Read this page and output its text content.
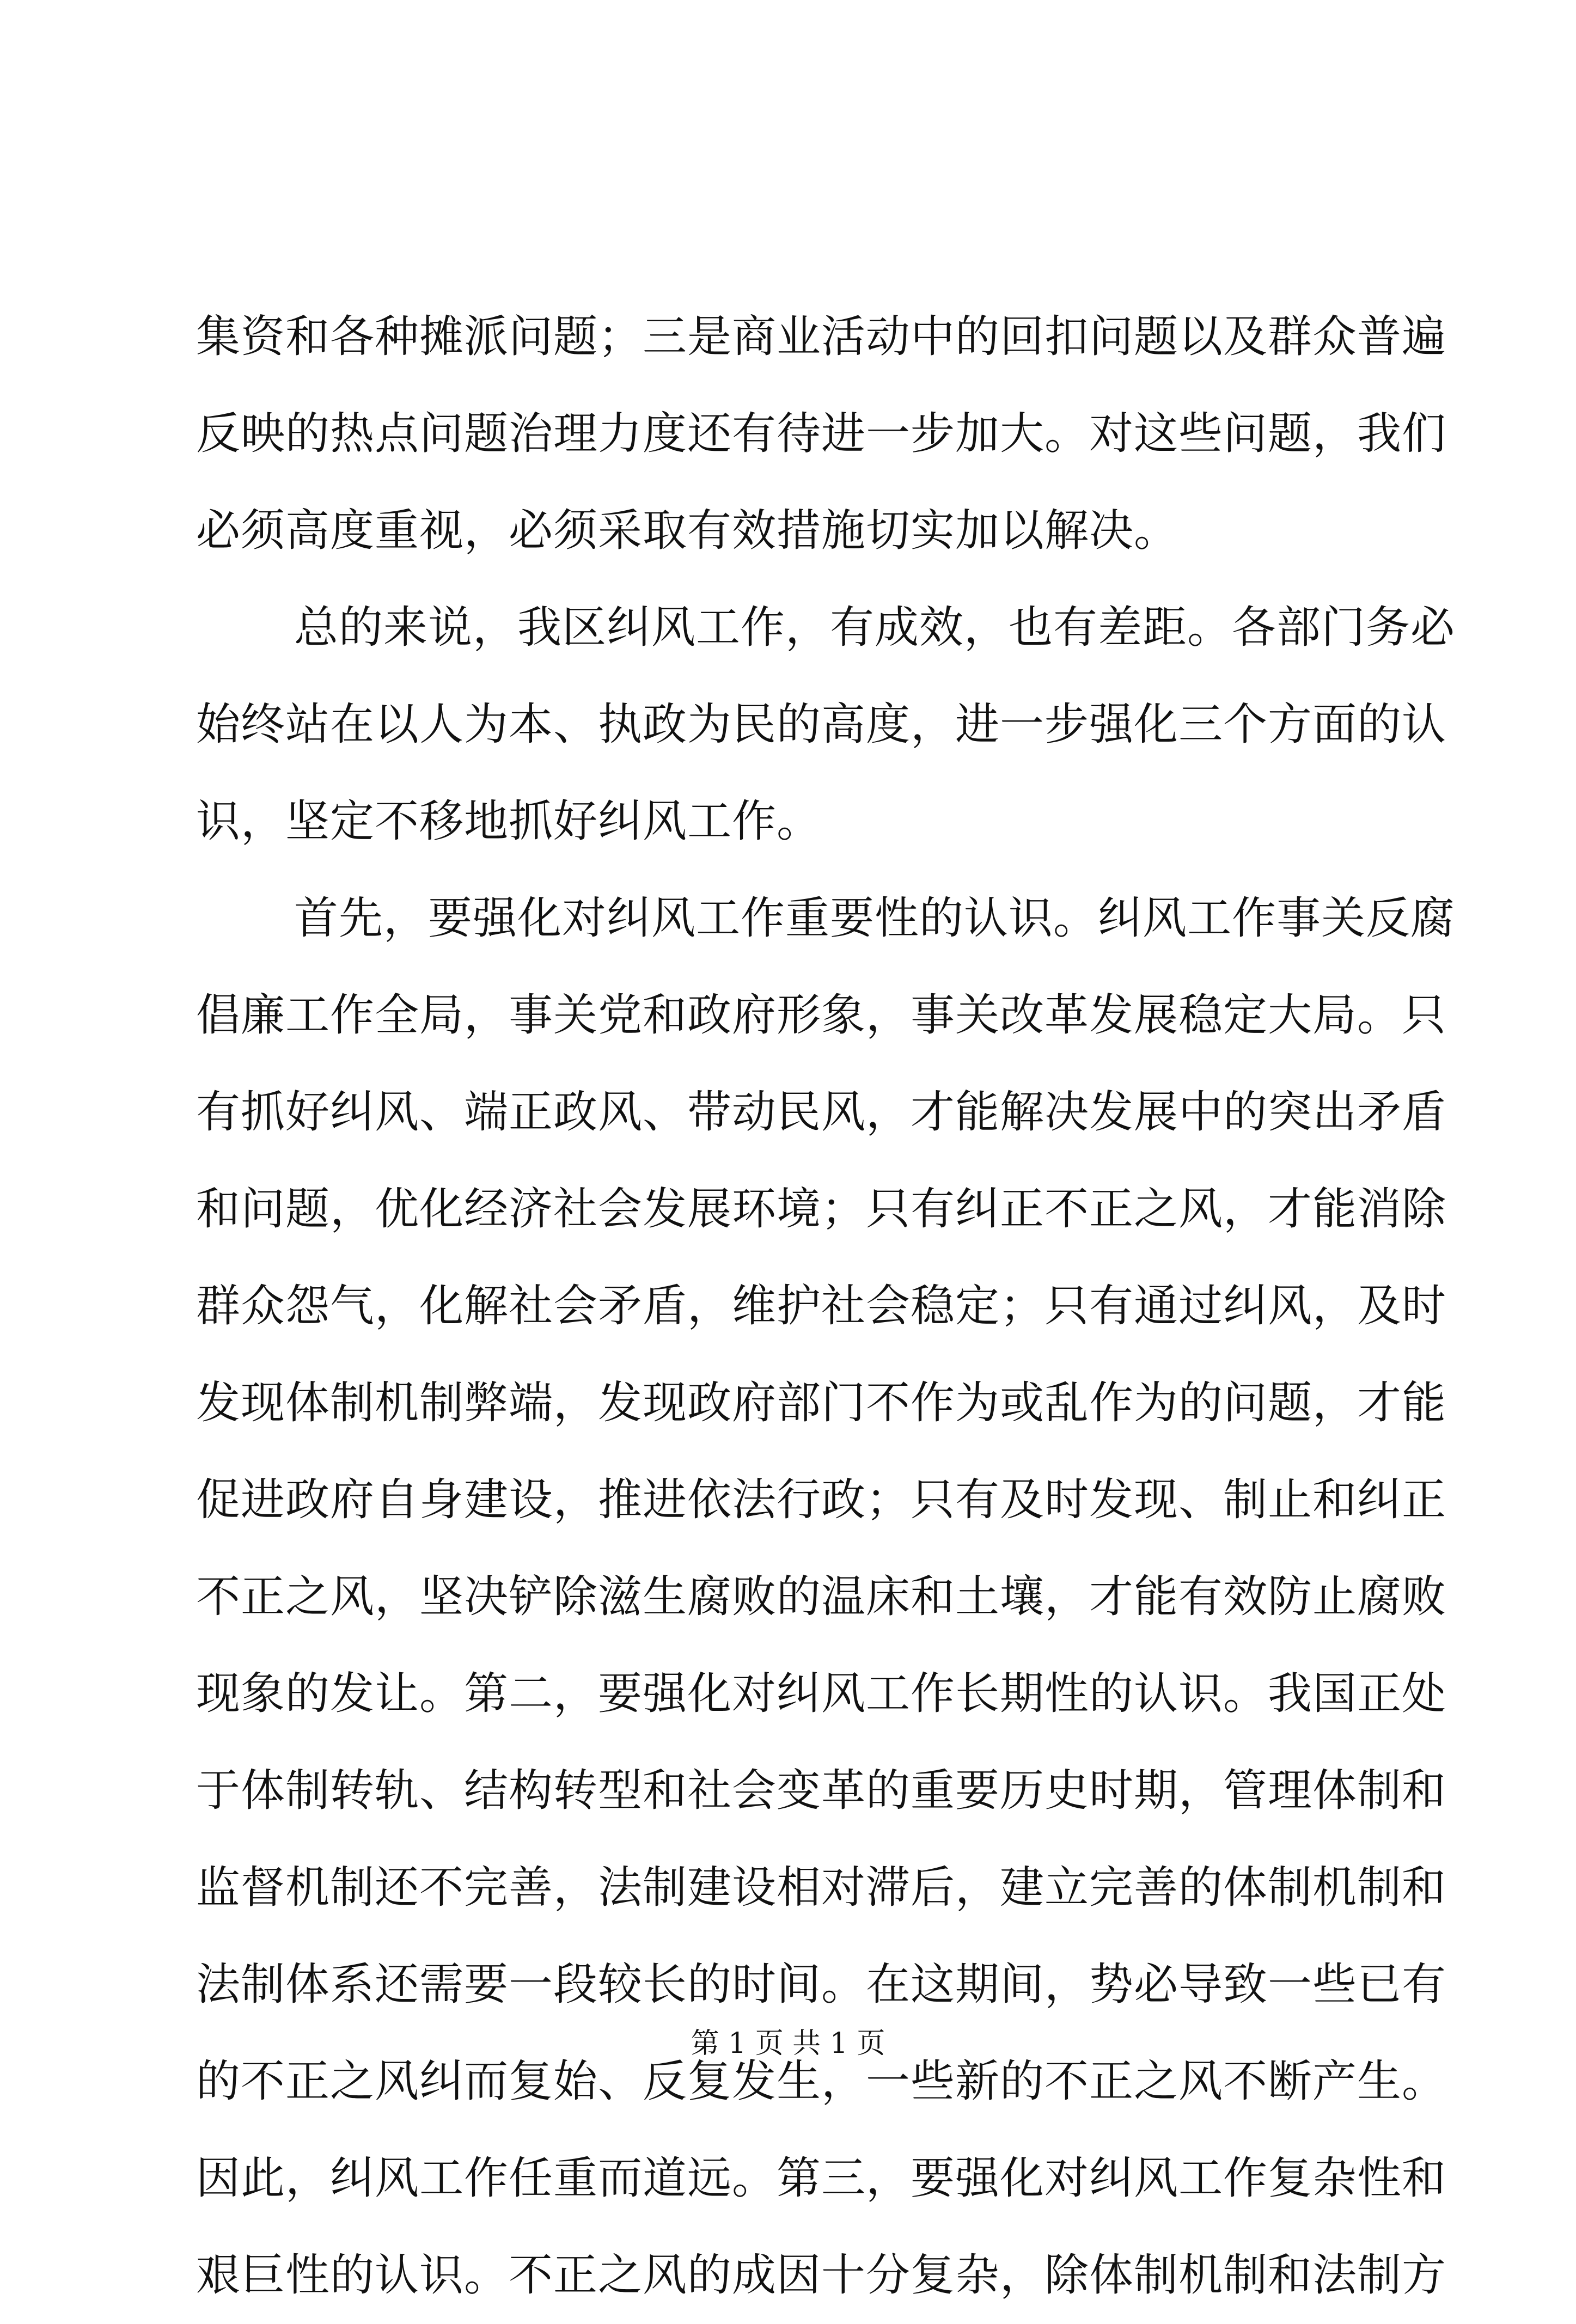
集资和各种摊派问题；三是商业活动中的回扣问题以及群众普遍
反映的热点问题治理力度还有待进一步加大。对这些问题，我们
必须高度重视，必须采取有效措施切实加以解决。
总的来说，我区纠风工作，有成效，也有差距。各部门务必
始终站在以人为本、执政为民的高度，进一步强化三个方面的认
识，坚定不移地抓好纠风工作。
首先，要强化对纠风工作重要性的认识。纠风工作事关反腐
倡廉工作全局，事关党和政府形象，事关改革发展稳定大局。只
有抓好纠风、端正政风、带动民风，才能解决发展中的突出矛盾
和问题，优化经济社会发展环境；只有纠正不正之风，才能消除
群众怨气，化解社会矛盾，维护社会稳定；只有通过纠风，及时
发现体制机制弊端，发现政府部门不作为或乱作为的问题，才能
促进政府自身建设，推进依法行政；只有及时发现、制止和纠正
不正之风，坚决铲除滋生腐败的温床和土壤，才能有效防止腐败
现象的发让。第二，要强化对纠风工作长期性的认识。我国正处
于体制转轨、结构转型和社会变革的重要历史时期，管理体制和
监督机制还不完善，法制建设相对滞后，建立完善的体制机制和
法制体系还需要一段较长的时间。在这期间，势必导致一些已有
的不正之风纠而复始、反复发生，一些新的不正之风不断产生。
因此，纠风工作任重而道远。第三，要强化对纠风工作复杂性和
艰巨性的认识。不正之风的成因十分复杂，除体制机制和法制方
第 1 页 共 1 页
